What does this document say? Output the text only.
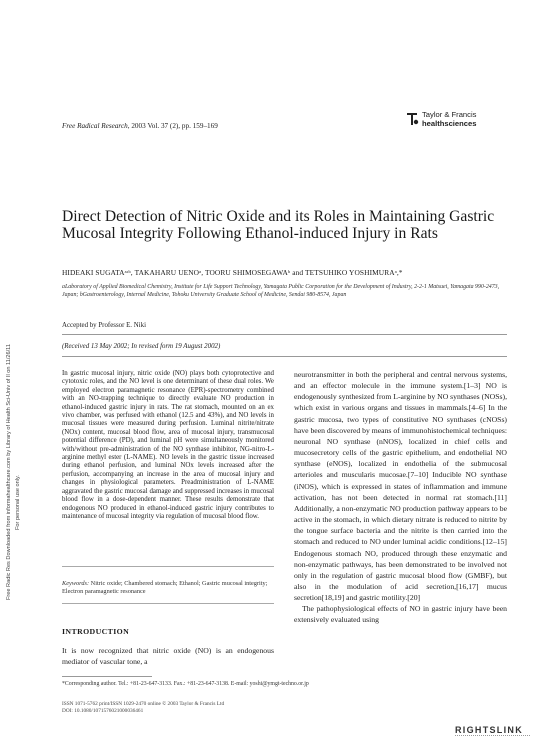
Free Radic Res Downloaded from informahealthcare.com by Library of Health Sci-Univ of Il on 11/26/11 For personal use only.
Free Radical Research, 2003 Vol. 37 (2), pp. 159–169
Taylor & Francis
healthsciences
Direct Detection of Nitric Oxide and its Roles in Maintaining Gastric Mucosal Integrity Following Ethanol-induced Injury in Rats
HIDEAKI SUGATAᵃʴᵇ, TAKAHARU UENOᵃ, TOORU SHIMOSEGAWAᵇ and TETSUHIKO YOSHIMURAᵃ,*
aLaboratory of Applied Biomedical Chemistry, Institute for Life Support Technology, Yamagata Public Corporation for the Development of Industry, 2-2-1 Matsuei, Yamagata 990-2473, Japan; bGastroenterology, Internal Medicine, Tohoku University Graduate School of Medicine, Sendai 980-8574, Japan
Accepted by Professor E. Niki
(Received 13 May 2002; In revised form 19 August 2002)

In gastric mucosal injury, nitric oxide (NO) plays both cytoprotective and cytotoxic roles, and the NO level is one determinant of these dual roles. We employed electron paramagnetic resonance (EPR)-spectrometry combined with an NO-trapping technique to directly evaluate NO production in ethanol-induced gastric injury in rats. The rat stomach, mounted on an ex vivo chamber, was perfused with ethanol (12.5 and 43%), and NO levels in mucosal tissues were measured during perfusion. Luminal nitrite/nitrate (NOx) content, mucosal blood flow, area of mucosal injury, transmucosal potential difference (PD), and luminal pH were simultaneously monitored with/without pre-administration of the NO synthase inhibitor, NG-nitro-L-arginine methyl ester (L-NAME). NO levels in the gastric tissue increased during ethanol perfusion, and luminal NOx levels increased after the perfusion, accompanying an increase in the area of mucosal injury and changes in physiological parameters. Preadministration of L-NAME aggravated the gastric mucosal damage and suppressed increases in mucosal blood flow in a dose-dependent manner. These results demonstrate that endogenous NO produced in ethanol-induced gastric injury contributes to maintenance of mucosal integrity via regulation of mucosal blood flow.

Keywords: Nitric oxide; Chambered stomach; Ethanol; Gastric mucosal integrity; Electron paramagnetic resonance

INTRODUCTION

It is now recognized that nitric oxide (NO) is an endogenous mediator of vascular tone, a

neurotransmitter in both the peripheral and central nervous systems, and an effector molecule in the immune system.[1–3] NO is endogenously synthesized from L-arginine by NO synthases (NOSs), which exist in various organs and tissues in mammals.[4–6] In the gastric mucosa, two types of constitutive NO synthases (cNOSs) have been discovered by means of immunohistochemical techniques: neuronal NO synthase (nNOS), localized in chief cells and mucosecretory cells of the gastric epithelium, and endothelial NO synthase (eNOS), localized in endothelia of the submucosal arterioles and muscularis mucosae.[7–10] Inducible NO synthase (iNOS), which is expressed in states of inflammation and immune activation, has not been detected in normal rat stomach.[11] Additionally, a non-enzymatic NO production pathway appears to be active in the stomach, in which dietary nitrate is reduced to nitrite by the tongue surface bacteria and the nitrite is then carried into the stomach and reduced to NO under luminal acidic conditions.[12–15] Endogenous stomach NO, produced through these enzymatic and non-enzymatic pathways, has been demonstrated to be involved not only in the regulation of gastric mucosal blood flow (GMBF), but also in the modulation of acid secretion,[16,17] mucus secretion[18,19] and gastric motility.[20]
The pathophysiological effects of NO in gastric injury have been extensively evaluated using
*Corresponding author. Tel.: +81-23-647-3133. Fax.: +81-23-647-3138. E-mail: yoshi@ymgt-techno.or.jp
ISSN 1071-5762 print/ISSN 1029-2470 online © 2003 Taylor & Francis Ltd
DOI: 10.1080/1071576021000036461
RIGHTSLINK
